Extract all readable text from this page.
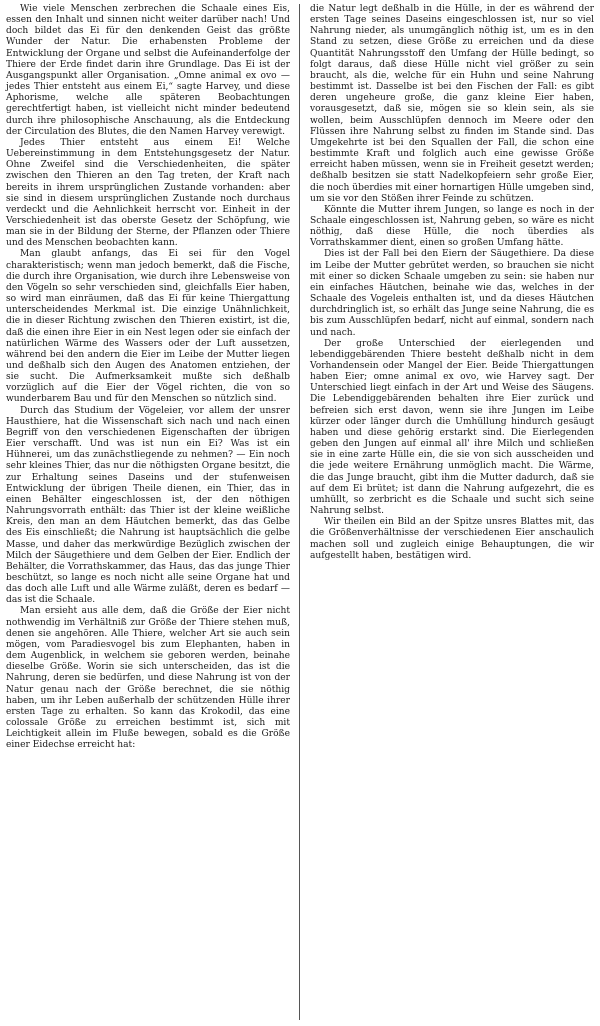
Wie viele Menschen zerbrechen die Schaale eines Eis, essen den Inhalt und sinnen nicht weiter darüber nach! Und doch bildet das Ei für den denkenden Geist das größte Wunder der Natur. Die erhabensten Probleme der Entwicklung der Organe und selbst die Aufeinanderfolge der Thiere der Erde findet darin ihre Grundlage. Das Ei ist der Ausgangspunkt aller Organisation. „Omne animal ex ovo — jedes Thier entsteht aus einem Ei,“ sagte Harvey, und diese Aphorisme, welche alle späteren Beobachtungen gerechtfertigt haben, ist vielleicht nicht minder bedeutend durch ihre philosophische Anschauung, als die Entdeckung der Circulation des Blutes, die den Namen Harvey verewigt.

Jedes Thier entsteht aus einem Ei! Welche Uebereinstimmung in dem Entstehungsgesetz der Natur. Ohne Zweifel sind die Verschiedenheiten, die später zwischen den Thieren an den Tag treten, der Kraft nach bereits in ihrem ursprünglichen Zustande vorhanden: aber sie sind in diesem ursprünglichen Zustande noch durchaus verdeckt und die Aehnlichkeit herrscht vor. Einheit in der Verschiedenheit ist das oberste Gesetz der Schöpfung, wie man sie in der Bildung der Sterne, der Pflanzen oder Thiere und des Menschen beobachten kann.

Man glaubt anfangs, das Ei sei für den Vogel charakteristisch; wenn man jedoch bemerkt, daß die Fische, die durch ihre Organisation, wie durch ihre Lebensweise von den Vögeln so sehr verschieden sind, gleichfalls Eier haben, so wird man einräumen, daß das Ei für keine Thiergattung unterscheidendes Merkmal ist. Die einzige Unähnlichkeit, die in dieser Richtung zwischen den Thieren existirt, ist die, daß die einen ihre Eier in ein Nest legen oder sie einfach der natürlichen Wärme des Wassers oder der Luft aussetzen, während bei den andern die Eier im Leibe der Mutter liegen und deßhalb sich den Augen des Anatomen entziehen, der sie sucht. Die Aufmerksamkeit mußte sich deßhalb vorzüglich auf die Eier der Vögel richten, die von so wunderbarem Bau und für den Menschen so nützlich sind.

Durch das Studium der Vögeleier, vor allem der unsrer Hausthiere, hat die Wissenschaft sich nach und nach einen Begriff von den verschiedenen Eigenschaften der übrigen Eier verschafft. Und was ist nun ein Ei? Was ist ein Hühnerei, um das zunächstliegende zu nehmen? — Ein noch sehr kleines Thier, das nur die nöthigsten Organe besitzt, die zur Erhaltung seines Daseins und der stufenweisen Entwicklung der übrigen Theile dienen, ein Thier, das in einen Behälter eingeschlossen ist, der den nöthigen Nahrungsvorrath enthält: das Thier ist der kleine weißliche Kreis, den man an dem Häutchen bemerkt, das das Gelbe des Eis einschließt; die Nahrung ist hauptsächlich die gelbe Masse, und daher das merkwürdige Bezüglich zwischen der Milch der Säugethiere und dem Gelben der Eier. Endlich der Behälter, die Vorrathskammer, das Haus, das das junge Thier beschützt, so lange es noch nicht alle seine Organe hat und das doch alle Luft und alle Wärme zuläßt, deren es bedarf — das ist die Schaale.

Man ersieht aus alle dem, daß die Größe der Eier nicht nothwendig im Verhältniß zur Größe der Thiere stehen muß, denen sie angehören. Alle Thiere, welcher Art sie auch sein mögen, vom Paradiesvogel bis zum Elephanten, haben in dem Augenblick, in welchem sie geboren werden, beinahe dieselbe Größe. Worin sie sich unterscheiden, das ist die Nahrung, deren sie bedürfen, und diese Nahrung ist von der Natur genau nach der Größe berechnet, die sie nöthig haben, um ihr Leben außerhalb der schützenden Hülle ihrer ersten Tage zu erhalten. So kann das Krokodil, das eine colossale Größe zu erreichen bestimmt ist, sich mit Leichtigkeit allein im Fluße bewegen, sobald es die Größe einer Eidechse erreicht hat:

die Natur legt deßhalb in die Hülle, in der es während der ersten Tage seines Daseins eingeschlossen ist, nur so viel Nahrung nieder, als unumgänglich nöthig ist, um es in den Stand zu setzen, diese Größe zu erreichen und da diese Quantität Nahrungsstoff den Umfang der Hülle bedingt, so folgt daraus, daß diese Hülle nicht viel größer zu sein braucht, als die, welche für ein Huhn und seine Nahrung bestimmt ist. Dasselbe ist bei den Fischen der Fall: es gibt deren ungeheure große, die ganz kleine Eier haben, vorausgesetzt, daß sie, mögen sie so klein sein, als sie wollen, beim Ausschlüpfen dennoch im Meere oder den Flüssen ihre Nahrung selbst zu finden im Stande sind. Das Umgekehrte ist bei den Squallen der Fall, die schon eine bestimmte Kraft und folglich auch eine gewisse Größe erreicht haben müssen, wenn sie in Freiheit gesetzt werden; deßhalb besitzen sie statt Nadelkopfeiern sehr große Eier, die noch überdies mit einer hornartigen Hülle umgeben sind, um sie vor den Stößen ihrer Feinde zu schützen.

Könnte die Mutter ihrem Jungen, so lange es noch in der Schaale eingeschlossen ist, Nahrung geben, so wäre es nicht nöthig, daß diese Hülle, die noch überdies als Vorrathskammer dient, einen so großen Umfang hätte.

Dies ist der Fall bei den Eiern der Säugethiere. Da diese im Leibe der Mutter gebrütet werden, so brauchen sie nicht mit einer so dicken Schaale umgeben zu sein: sie haben nur ein einfaches Häutchen, beinahe wie das, welches in der Schaale des Vogeleis enthalten ist, und da dieses Häutchen durchdringlich ist, so erhält das Junge seine Nahrung, die es bis zum Ausschlüpfen bedarf, nicht auf einmal, sondern nach und nach.

Der große Unterschied der eierlegenden und lebendiggebärenden Thiere besteht deßhalb nicht in dem Vorhandensein oder Mangel der Eier. Beide Thiergattungen haben Eier; omne animal ex ovo, wie Harvey sagt. Der Unterschied liegt einfach in der Art und Weise des Säugens. Die Lebendiggebärenden behalten ihre Eier zurück und befreien sich erst davon, wenn sie ihre Jungen im Leibe kürzer oder länger durch die Umhüllung hindurch gesäugt haben und diese gehörig erstarkt sind. Die Eierlegenden geben den Jungen auf einmal all' ihre Milch und schließen sie in eine zarte Hülle ein, die sie von sich ausscheiden und die jede weitere Ernährung unmöglich macht. Die Wärme, die das Junge braucht, gibt ihm die Mutter dadurch, daß sie auf dem Ei brütet; ist dann die Nahrung aufgezehrt, die es umhüllt, so zerbricht es die Schaale und sucht sich seine Nahrung selbst.

Wir theilen ein Bild an der Spitze unsres Blattes mit, das die Größenverhältnisse der verschiedenen Eier anschaulich machen soll und zugleich einige Behauptungen, die wir aufgestellt haben, bestätigen wird.
